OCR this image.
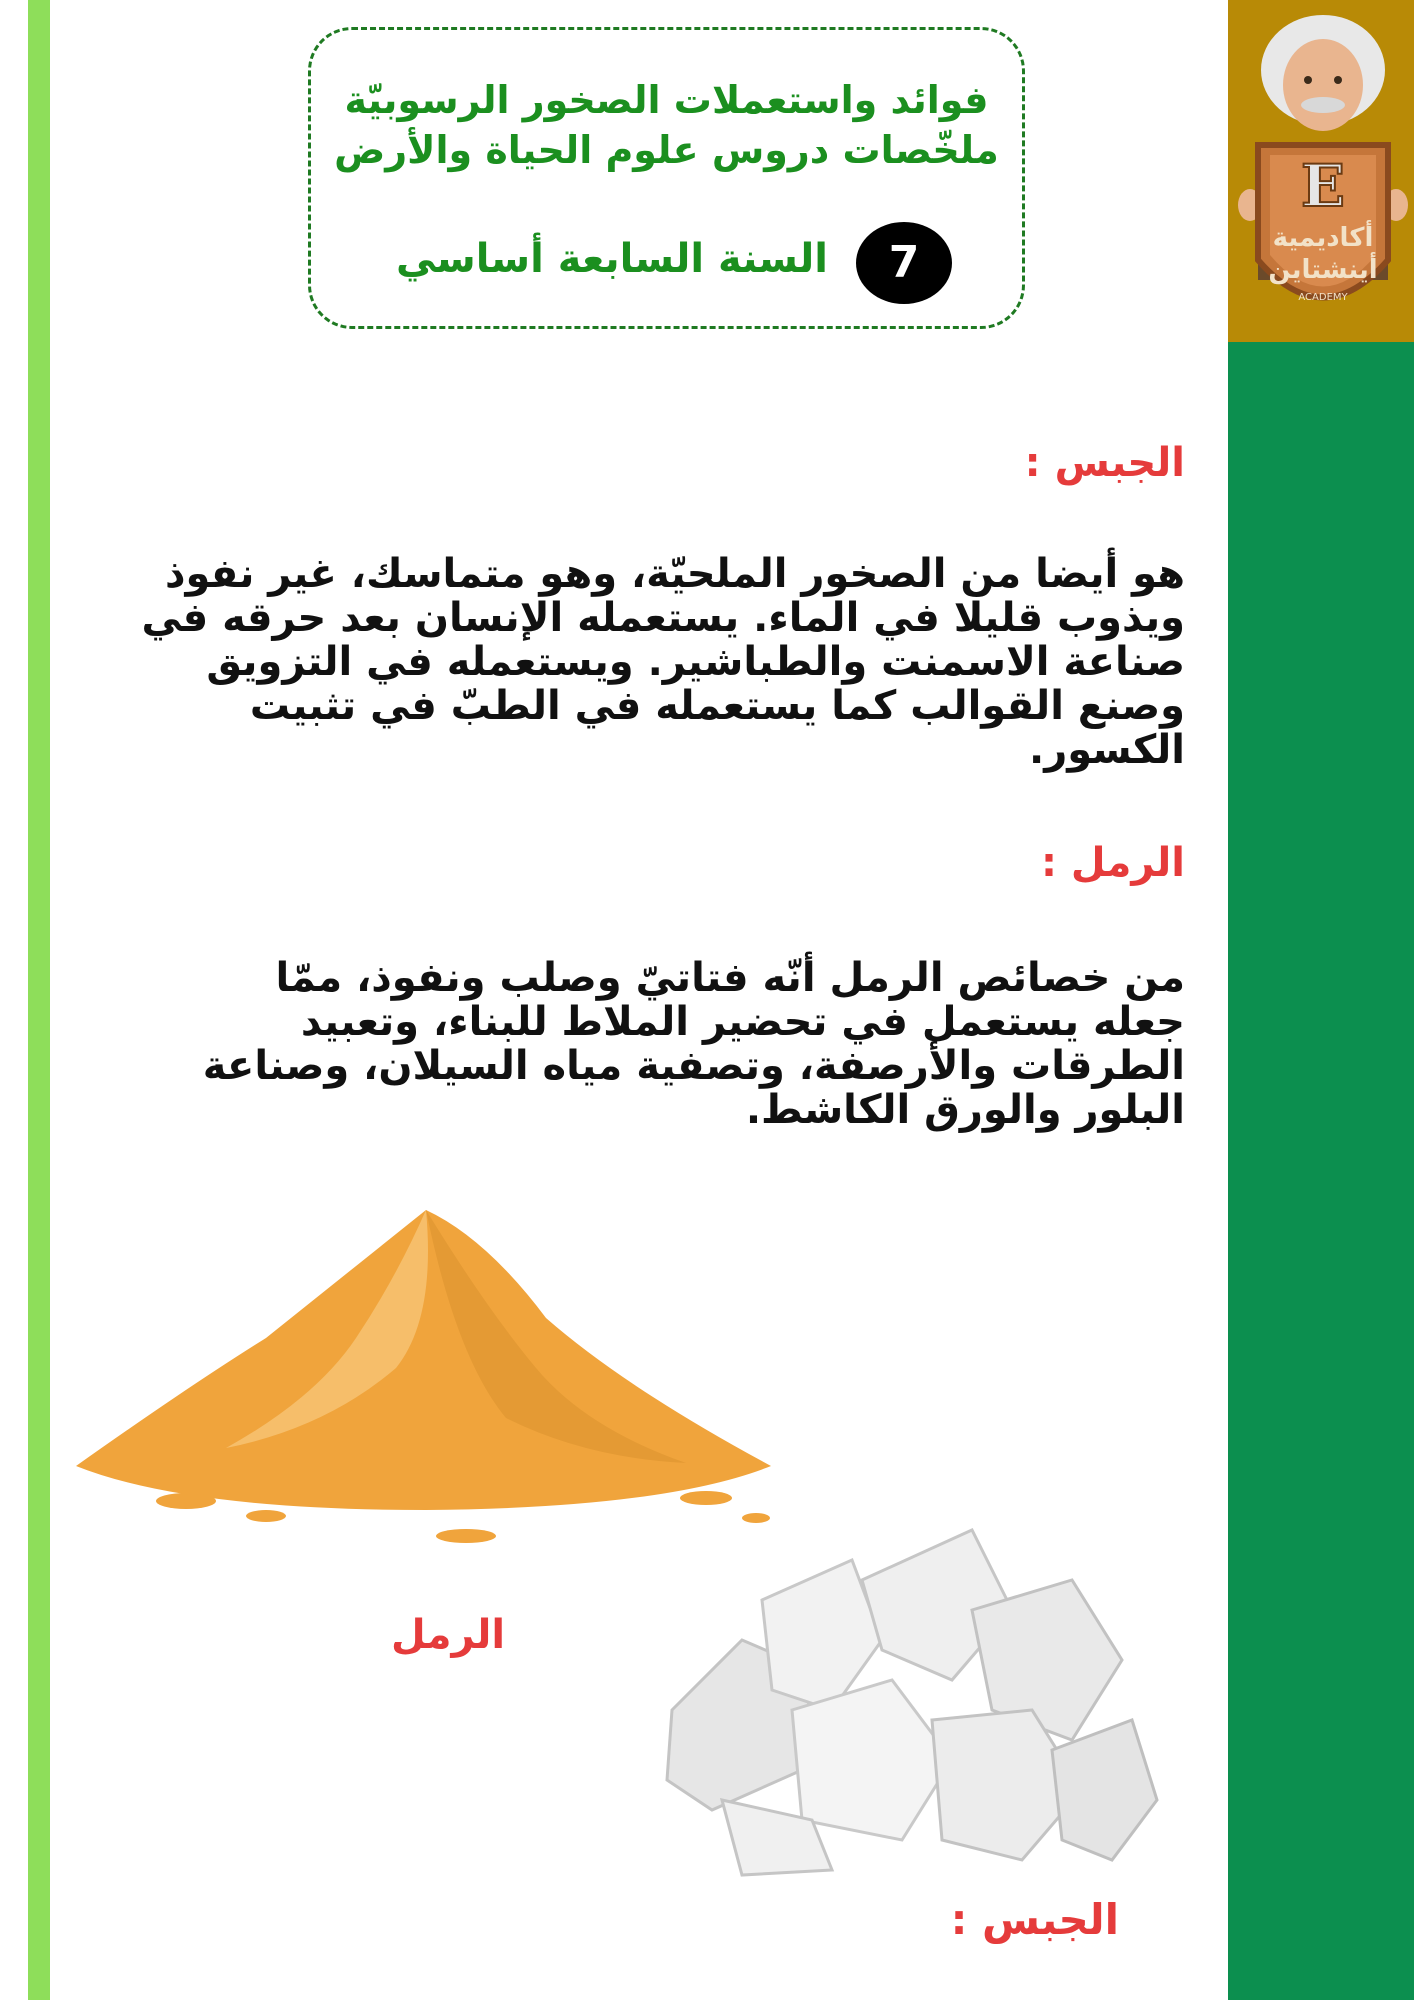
E
أكاديمية
أينشتاين
ACADEMY

فوائد واستعملات الصخور الرسوبيّة

ملخّصات دروس علوم الحياة والأرض

7
السنة السابعة أساسي
الجبس :

هو أيضا من الصخور الملحيّة، وهو متماسك، غير نفوذ ويذوب قليلا في الماء. يستعمله الإنسان بعد حرقه في صناعة الاسمنت والطباشير. ويستعمله في التزويق وصنع القوالب كما يستعمله في الطبّ في تثبيت الكسور.

الرمل :

من خصائص الرمل أنّه فتاتيّ وصلب ونفوذ، ممّا جعله يستعمل في تحضير الملاط للبناء، وتعبيد الطرقات والأرصفة، وتصفية مياه السيلان، وصناعة البلور والورق الكاشط.

الرمل
الجبس :
